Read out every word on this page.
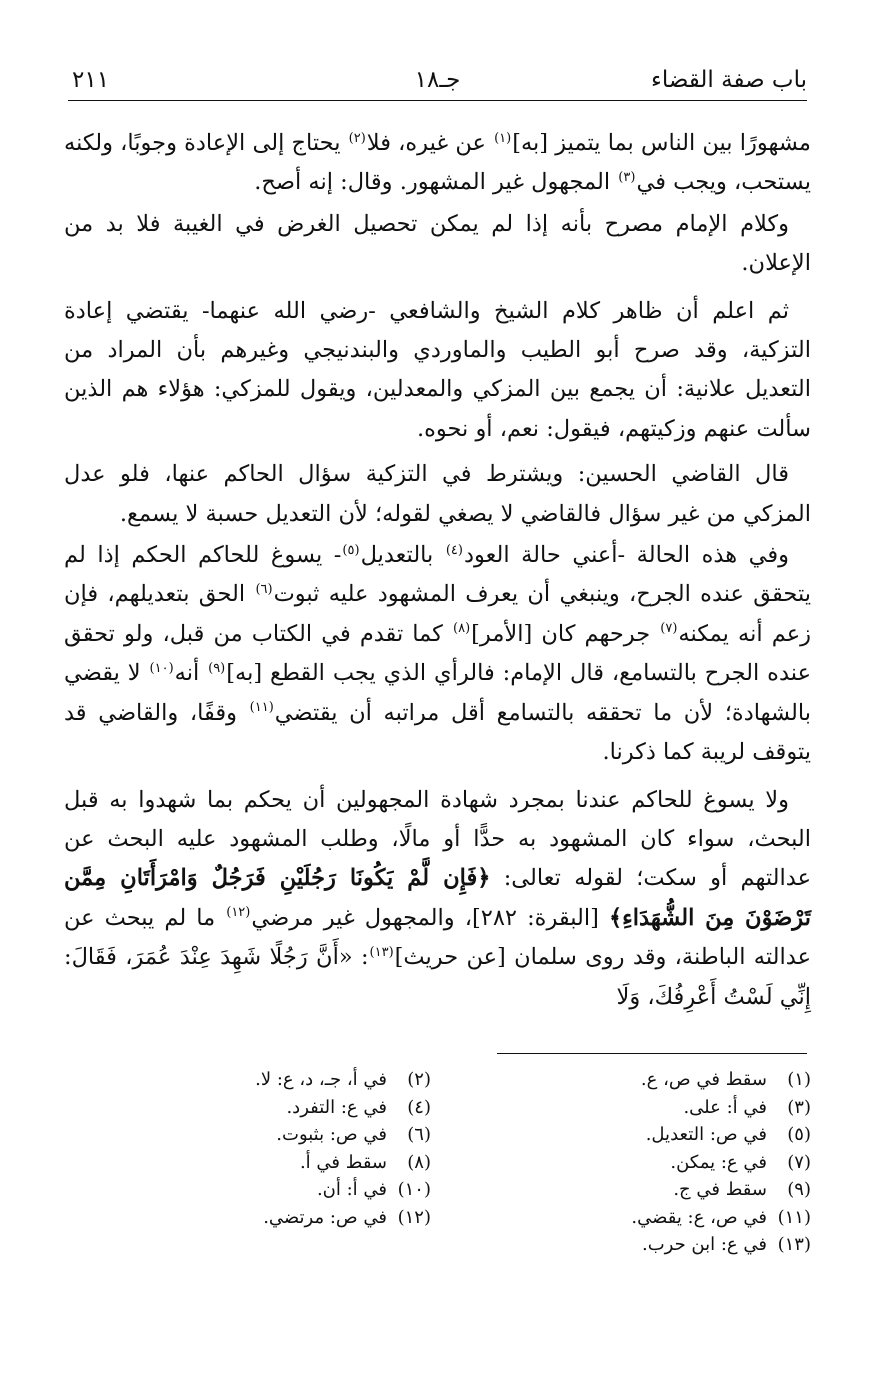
باب صفة القضاء
جـ١٨
٢١١

مشهورًا بين الناس بما يتميز [به]$^{(١)}$ عن غيره، فلا$^{(٢)}$ يحتاج إلى الإعادة وجوبًا، ولكنه يستحب، ويجب في$^{(٣)}$ المجهول غير المشهور. وقال: إنه أصح.

وكلام الإمام مصرح بأنه إذا لم يمكن تحصيل الغرض في الغيبة فلا بد من الإعلان.

ثم اعلم أن ظاهر كلام الشيخ والشافعي -رضي الله عنهما- يقتضي إعادة التزكية، وقد صرح أبو الطيب والماوردي والبندنيجي وغيرهم بأن المراد من التعديل علانية: أن يجمع بين المزكي والمعدلين، ويقول للمزكي: هؤلاء هم الذين سألت عنهم وزكيتهم، فيقول: نعم، أو نحوه.

قال القاضي الحسين: ويشترط في التزكية سؤال الحاكم عنها، فلو عدل المزكي من غير سؤال فالقاضي لا يصغي لقوله؛ لأن التعديل حسبة لا يسمع.

وفي هذه الحالة -أعني حالة العود$^{(٤)}$ بالتعديل$^{(٥)}$- يسوغ للحاكم الحكم إذا لم يتحقق عنده الجرح، وينبغي أن يعرف المشهود عليه ثبوت$^{(٦)}$ الحق بتعديلهم، فإن زعم أنه يمكنه$^{(٧)}$ جرحهم كان [الأمر]$^{(٨)}$ كما تقدم في الكتاب من قبل، ولو تحقق عنده الجرح بالتسامع، قال الإمام: فالرأي الذي يجب القطع [به]$^{(٩)}$ أنه$^{(١٠)}$ لا يقضي بالشهادة؛ لأن ما تحققه بالتسامع أقل مراتبه أن يقتضي$^{(١١)}$ وقفًا، والقاضي قد يتوقف لريبة كما ذكرنا.

ولا يسوغ للحاكم عندنا بمجرد شهادة المجهولين أن يحكم بما شهدوا به قبل البحث، سواء كان المشهود به حدًّا أو مالًا، وطلب المشهود عليه البحث عن عدالتهم أو سكت؛ لقوله تعالى: ﴿فَإِن لَّمْ يَكُونَا رَجُلَيْنِ فَرَجُلٌ وَامْرَأَتَانِ مِمَّن تَرْضَوْنَ مِنَ الشُّهَدَاءِ﴾ [البقرة: ٢٨٢]، والمجهول غير مرضي$^{(١٢)}$ ما لم يبحث عن عدالته الباطنة، وقد روى سلمان [عن حريث]$^{(١٣)}$: «أَنَّ رَجُلًا شَهِدَ عِنْدَ عُمَرَ، فَقَالَ: إِنِّي لَسْتُ أَعْرِفُكَ، وَلَا

(١)سقط في ص، ع.
(٣)في أ: على.
(٥)في ص: التعديل.
(٧)في ع: يمكن.
(٩)سقط في ج.
(١١)في ص، ع: يقضي.
(١٣)في ع: ابن حرب.
(٢)في أ، جـ، د، ع: لا.
(٤)في ع: التفرد.
(٦)في ص: بثبوت.
(٨)سقط في أ.
(١٠)في أ: أن.
(١٢)في ص: مرتضي.
